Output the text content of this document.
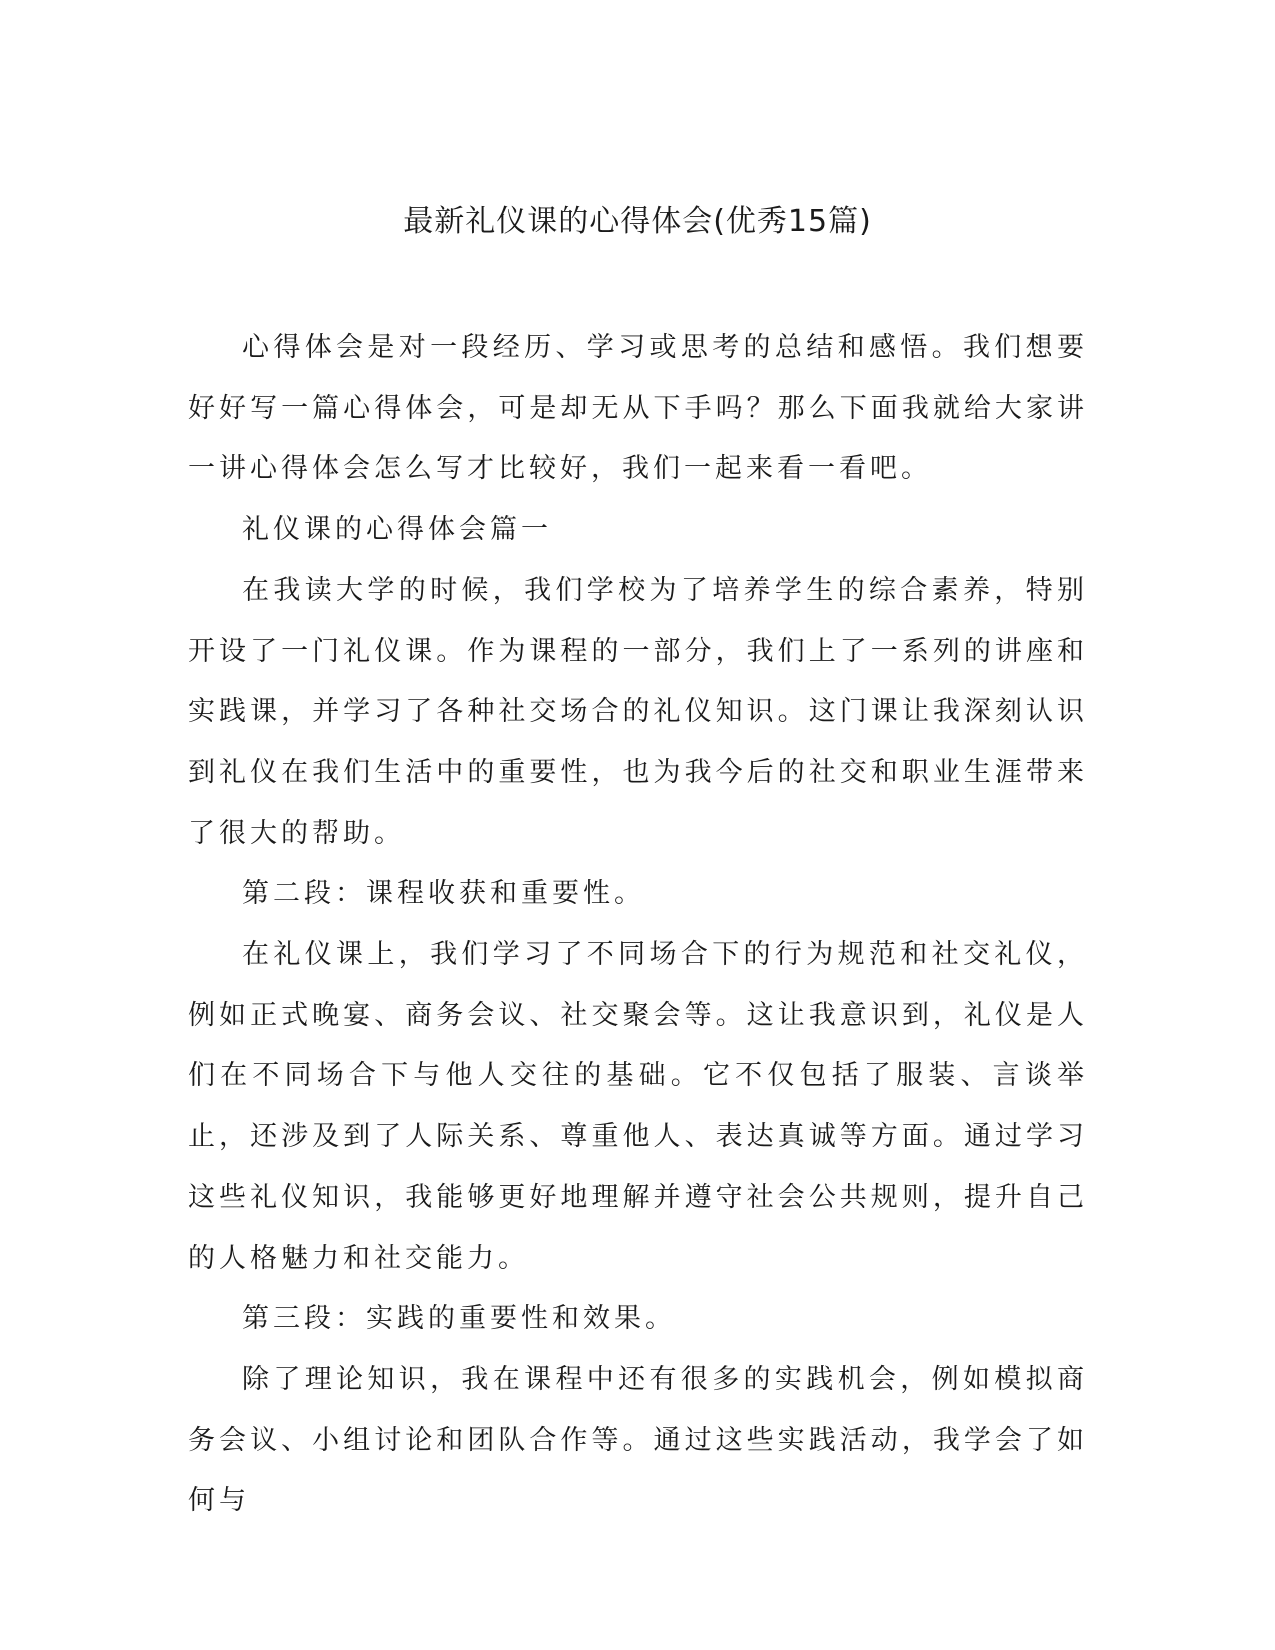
最新礼仪课的心得体会(优秀15篇)

心得体会是对一段经历、学习或思考的总结和感悟。我们想要好好写一篇心得体会，可是却无从下手吗？那么下面我就给大家讲一讲心得体会怎么写才比较好，我们一起来看一看吧。

礼仪课的心得体会篇一

在我读大学的时候，我们学校为了培养学生的综合素养，特别开设了一门礼仪课。作为课程的一部分，我们上了一系列的讲座和实践课，并学习了各种社交场合的礼仪知识。这门课让我深刻认识到礼仪在我们生活中的重要性，也为我今后的社交和职业生涯带来了很大的帮助。

第二段：课程收获和重要性。

在礼仪课上，我们学习了不同场合下的行为规范和社交礼仪，例如正式晚宴、商务会议、社交聚会等。这让我意识到，礼仪是人们在不同场合下与他人交往的基础。它不仅包括了服装、言谈举止，还涉及到了人际关系、尊重他人、表达真诚等方面。通过学习这些礼仪知识，我能够更好地理解并遵守社会公共规则，提升自己的人格魅力和社交能力。

第三段：实践的重要性和效果。

除了理论知识，我在课程中还有很多的实践机会，例如模拟商务会议、小组讨论和团队合作等。通过这些实践活动，我学会了如何与
